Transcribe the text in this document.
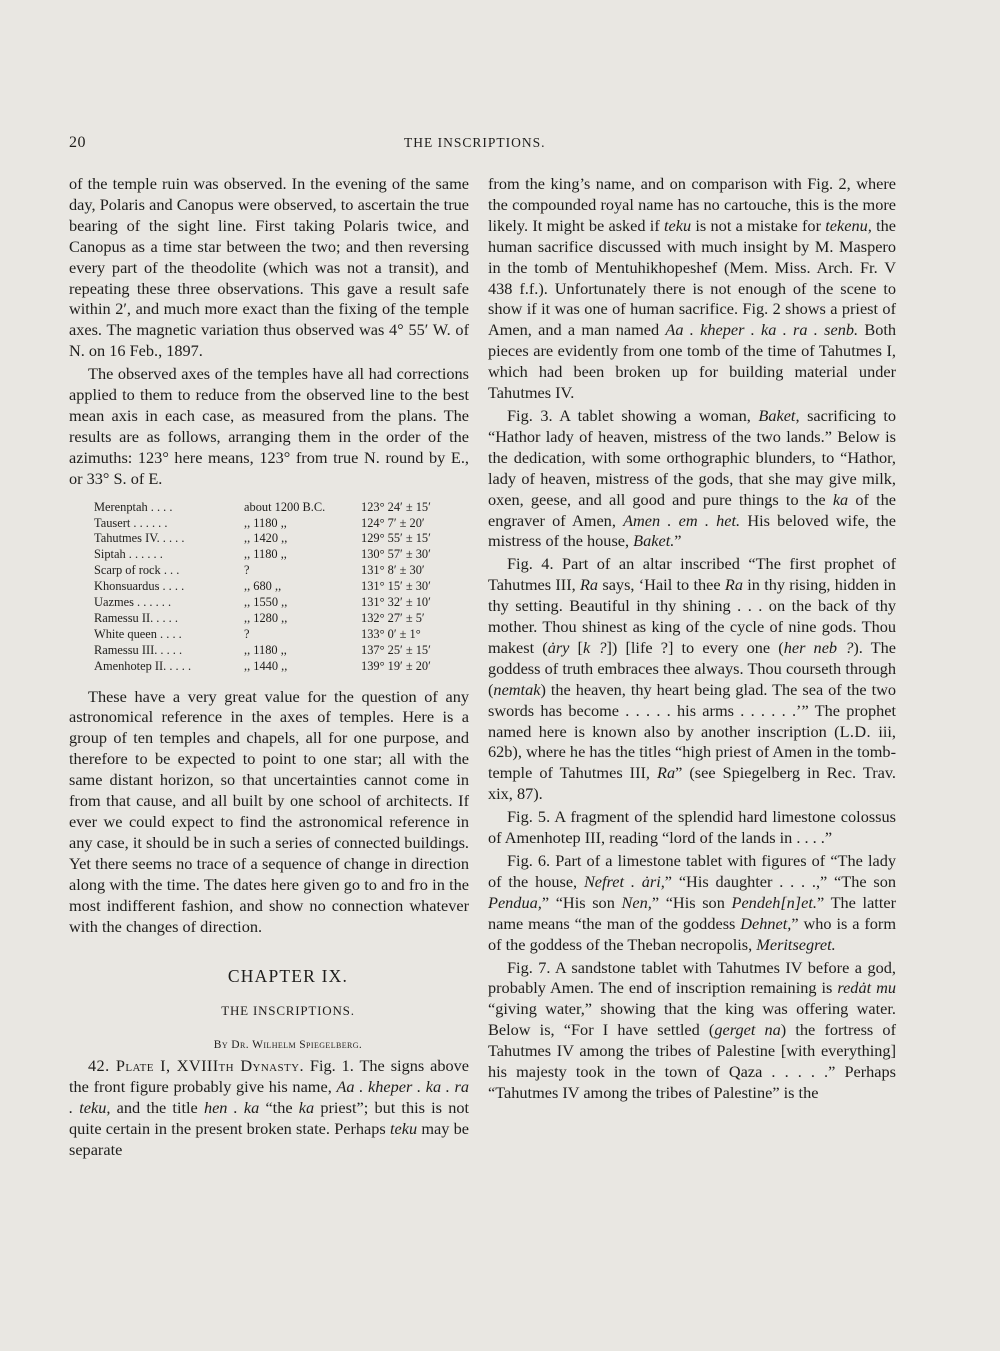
20	THE INSCRIPTIONS.

of the temple ruin was observed. In the evening of the same day, Polaris and Canopus were observed, to ascertain the true bearing of the sight line. First taking Polaris twice, and Canopus as a time star between the two; and then reversing every part of the theodolite (which was not a transit), and repeating these three observations. This gave a result safe within 2′, and much more exact than the fixing of the temple axes. The magnetic variation thus observed was 4° 55′ W. of N. on 16 Feb., 1897.

The observed axes of the temples have all had corrections applied to them to reduce from the observed line to the best mean axis in each case, as measured from the plans. The results are as follows, arranging them in the order of the azimuths: 123° here means, 123° from true N. round by E., or 33° S. of E.

Merenptah . . . .	about 1200 B.C.	123° 24′ ± 15′
Tausert . . . . . .	,, 1180 ,,	124° 7′ ± 20′
Tahutmes IV. . . . .	,, 1420 ,,	129° 55′ ± 15′
Siptah . . . . . .	,, 1180 ,,	130° 57′ ± 30′
Scarp of rock . . .	?	131° 8′ ± 30′
Khonsuardus . . . .	,, 680 ,,	131° 15′ ± 30′
Uazmes . . . . . .	,, 1550 ,,	131° 32′ ± 10′
Ramessu II. . . . .	,, 1280 ,,	132° 27′ ± 5′
White queen . . . .	?	133° 0′ ± 1°
Ramessu III. . . . .	,, 1180 ,,	137° 25′ ± 15′
Amenhotep II. . . . .	,, 1440 ,,	139° 19′ ± 20′

These have a very great value for the question of any astronomical reference in the axes of temples. Here is a group of ten temples and chapels, all for one purpose, and therefore to be expected to point to one star; all with the same distant horizon, so that uncertainties cannot come in from that cause, and all built by one school of architects. If ever we could expect to find the astronomical reference in any case, it should be in such a series of connected buildings. Yet there seems no trace of a sequence of change in direction along with the time. The dates here given go to and fro in the most indifferent fashion, and show no connection whatever with the changes of direction.

CHAPTER IX.
THE INSCRIPTIONS.
By Dr. Wilhelm Spiegelberg.

42. Plate I, XVIIIth Dynasty. Fig. 1. The signs above the front figure probably give his name, Aa . kheper . ka . ra . teku, and the title hen . ka “the ka priest”; but this is not quite certain in the present broken state. Perhaps teku may be separate

from the king’s name, and on comparison with Fig. 2, where the compounded royal name has no cartouche, this is the more likely. It might be asked if teku is not a mistake for tekenu, the human sacrifice discussed with much insight by M. Maspero in the tomb of Mentuhikhopeshef (Mem. Miss. Arch. Fr. V 438 f.f.). Unfortunately there is not enough of the scene to show if it was one of human sacrifice. Fig. 2 shows a priest of Amen, and a man named Aa . kheper . ka . ra . senb. Both pieces are evidently from one tomb of the time of Tahutmes I, which had been broken up for building material under Tahutmes IV.

Fig. 3. A tablet showing a woman, Baket, sacrificing to “Hathor lady of heaven, mistress of the two lands.” Below is the dedication, with some orthographic blunders, to “Hathor, lady of heaven, mistress of the gods, that she may give milk, oxen, geese, and all good and pure things to the ka of the engraver of Amen, Amen . em . het. His beloved wife, the mistress of the house, Baket.”

Fig. 4. Part of an altar inscribed “The first prophet of Tahutmes III, Ra says, ‘Hail to thee Ra in thy rising, hidden in thy setting. Beautiful in thy shining . . . on the back of thy mother. Thou shinest as king of the cycle of nine gods. Thou makest (ȧry [k ?]) [life ?] to every one (her neb ?). The goddess of truth embraces thee always. Thou courseth through (nemtak) the heaven, thy heart being glad. The sea of the two swords has become . . . . . his arms . . . . . .’” The prophet named here is known also by another inscription (L.D. iii, 62b), where he has the titles “high priest of Amen in the tomb-temple of Tahutmes III, Ra” (see Spiegelberg in Rec. Trav. xix, 87).

Fig. 5. A fragment of the splendid hard limestone colossus of Amenhotep III, reading “lord of the lands in . . . .”

Fig. 6. Part of a limestone tablet with figures of “The lady of the house, Nefret . ȧri,” “His daughter . . . .,” “The son Pendua,” “His son Nen,” “His son Pendeh[n]et.” The latter name means “the man of the goddess Dehnet,” who is a form of the goddess of the Theban necropolis, Meritsegret.

Fig. 7. A sandstone tablet with Tahutmes IV before a god, probably Amen. The end of inscription remaining is redȧt mu “giving water,” showing that the king was offering water. Below is, “For I have settled (gerget na) the fortress of Tahutmes IV among the tribes of Palestine [with everything] his majesty took in the town of Qaza . . . . .” Perhaps “Tahutmes IV among the tribes of Palestine” is the
